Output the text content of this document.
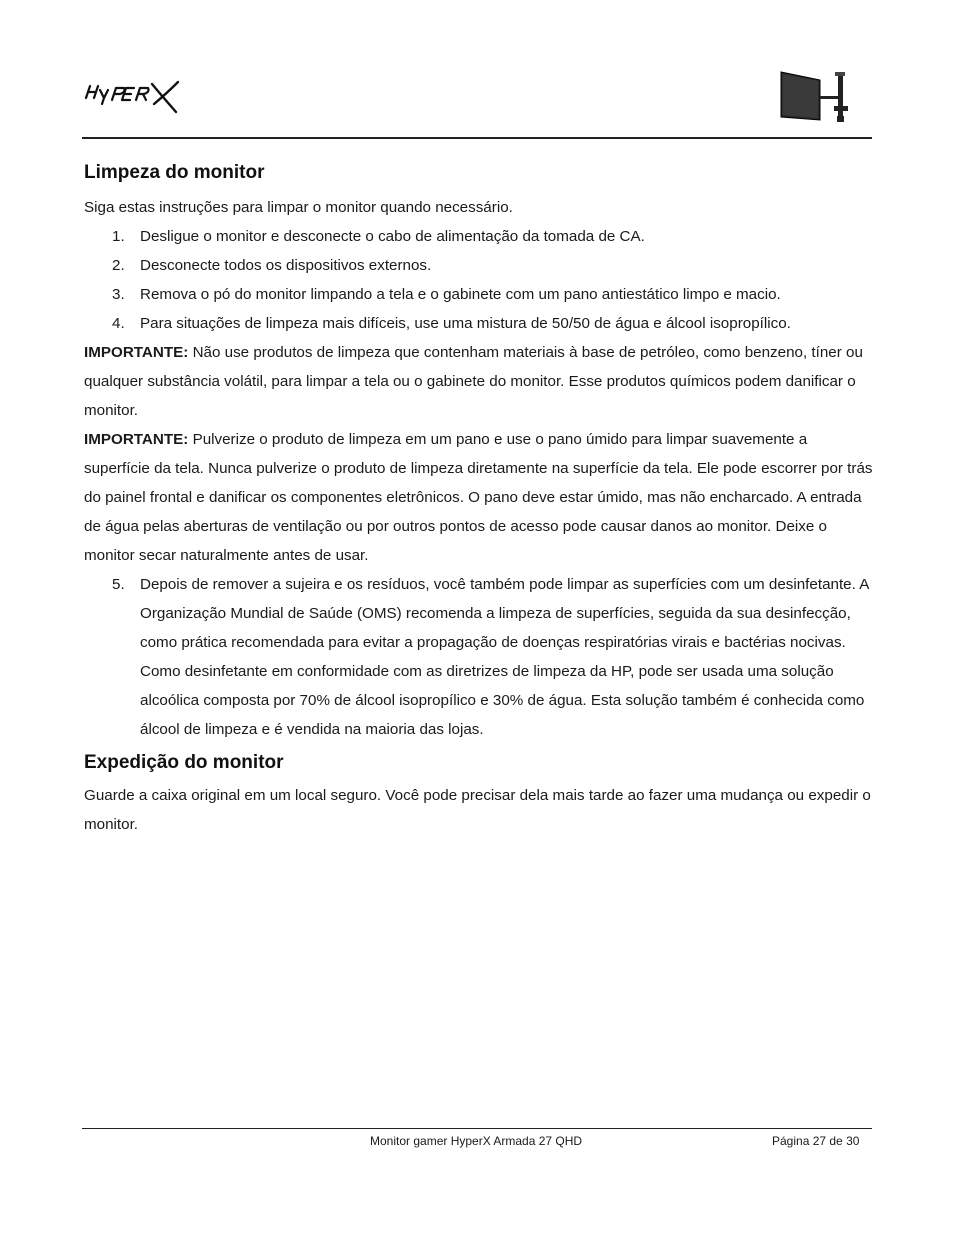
Limpeza do monitor

Siga estas instruções para limpar o monitor quando necessário.

1. Desligue o monitor e desconecte o cabo de alimentação da tomada de CA.
2. Desconecte todos os dispositivos externos.
3. Remova o pó do monitor limpando a tela e o gabinete com um pano antiestático limpo e macio.
4. Para situações de limpeza mais difíceis, use uma mistura de 50/50 de água e álcool isopropílico.

IMPORTANTE: Não use produtos de limpeza que contenham materiais à base de petróleo, como benzeno, tíner ou qualquer substância volátil, para limpar a tela ou o gabinete do monitor. Esse produtos químicos podem danificar o monitor.

IMPORTANTE: Pulverize o produto de limpeza em um pano e use o pano úmido para limpar suavemente a superfície da tela. Nunca pulverize o produto de limpeza diretamente na superfície da tela. Ele pode escorrer por trás do painel frontal e danificar os componentes eletrônicos. O pano deve estar úmido, mas não encharcado. A entrada de água pelas aberturas de ventilação ou por outros pontos de acesso pode causar danos ao monitor. Deixe o monitor secar naturalmente antes de usar.

5. Depois de remover a sujeira e os resíduos, você também pode limpar as superfícies com um desinfetante. A Organização Mundial de Saúde (OMS) recomenda a limpeza de superfícies, seguida da sua desinfecção, como prática recomendada para evitar a propagação de doenças respiratórias virais e bactérias nocivas. Como desinfetante em conformidade com as diretrizes de limpeza da HP, pode ser usada uma solução alcoólica composta por 70% de álcool isopropílico e 30% de água. Esta solução também é conhecida como álcool de limpeza e é vendida na maioria das lojas.
Expedição do monitor

Guarde a caixa original em um local seguro. Você pode precisar dela mais tarde ao fazer uma mudança ou expedir o monitor.

Monitor gamer HyperX Armada 27 QHD	Página 27 de 30
